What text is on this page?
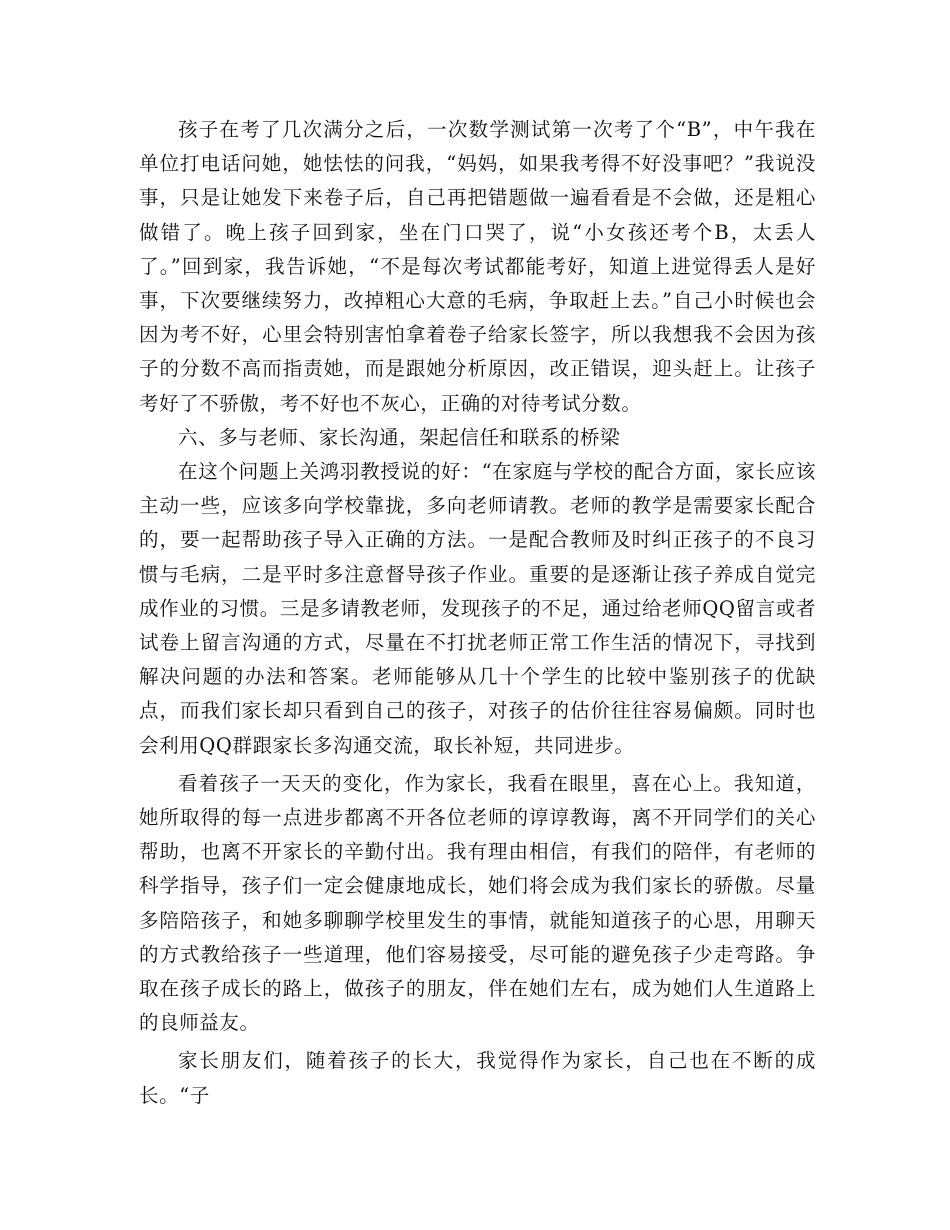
孩子在考了几次满分之后，一次数学测试第一次考了个“B”，中午我在单位打电话问她，她怯怯的问我，“妈妈，如果我考得不好没事吧？”我说没事，只是让她发下来卷子后，自己再把错题做一遍看看是不会做，还是粗心做错了。晚上孩子回到家，坐在门口哭了，说“小女孩还考个B，太丢人了。”回到家，我告诉她，“不是每次考试都能考好，知道上进觉得丢人是好事，下次要继续努力，改掉粗心大意的毛病，争取赶上去。”自己小时候也会因为考不好，心里会特别害怕拿着卷子给家长签字，所以我想我不会因为孩子的分数不高而指责她，而是跟她分析原因，改正错误，迎头赶上。让孩子考好了不骄傲，考不好也不灰心，正确的对待考试分数。

六、多与老师、家长沟通，架起信任和联系的桥梁

在这个问题上关鸿羽教授说的好：“在家庭与学校的配合方面，家长应该主动一些，应该多向学校靠拢，多向老师请教。老师的教学是需要家长配合的，要一起帮助孩子导入正确的方法。一是配合教师及时纠正孩子的不良习惯与毛病，二是平时多注意督导孩子作业。重要的是逐渐让孩子养成自觉完成作业的习惯。三是多请教老师，发现孩子的不足，通过给老师QQ留言或者试卷上留言沟通的方式，尽量在不打扰老师正常工作生活的情况下，寻找到解决问题的办法和答案。老师能够从几十个学生的比较中鉴别孩子的优缺点，而我们家长却只看到自己的孩子，对孩子的估价往往容易偏颇。同时也会利用QQ群跟家长多沟通交流，取长补短，共同进步。

看着孩子一天天的变化，作为家长，我看在眼里，喜在心上。我知道，她所取得的每一点进步都离不开各位老师的谆谆教诲，离不开同学们的关心帮助，也离不开家长的辛勤付出。我有理由相信，有我们的陪伴，有老师的科学指导，孩子们一定会健康地成长，她们将会成为我们家长的骄傲。尽量多陪陪孩子，和她多聊聊学校里发生的事情，就能知道孩子的心思，用聊天的方式教给孩子一些道理，他们容易接受，尽可能的避免孩子少走弯路。争取在孩子成长的路上，做孩子的朋友，伴在她们左右，成为她们人生道路上的良师益友。

家长朋友们，随着孩子的长大，我觉得作为家长，自己也在不断的成长。“子
